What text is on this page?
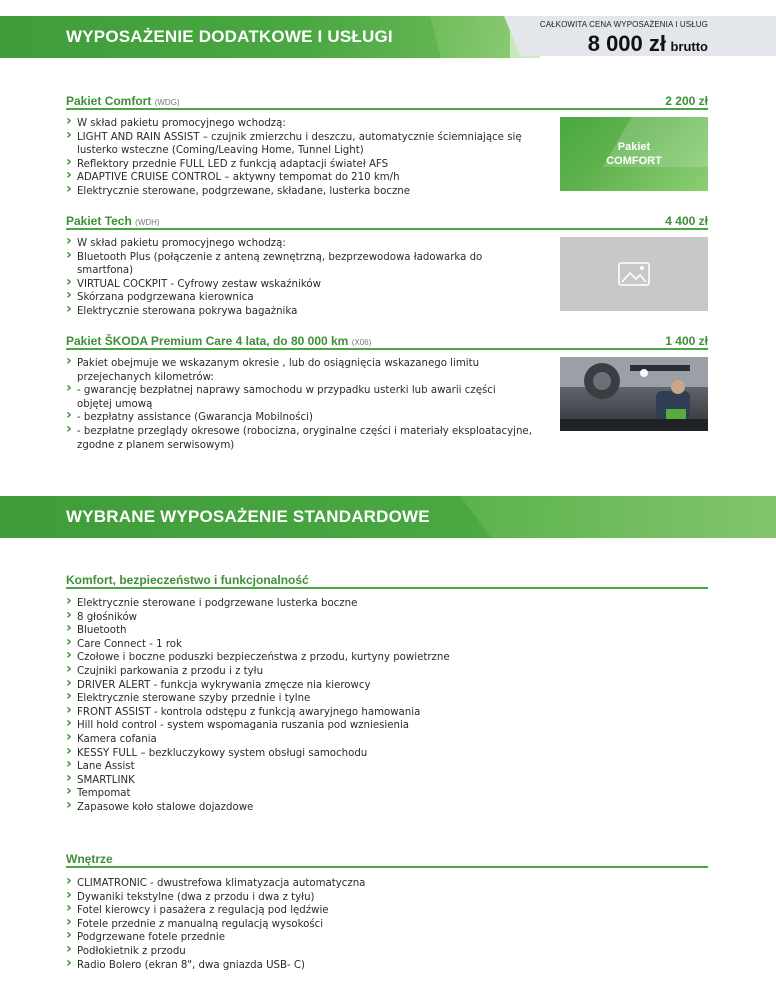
WYPOSAŻENIE DODATKOWE I USŁUGI
CAŁKOWITA CENA WYPOSAŻENIA I USŁUG
8 000 zł brutto
Pakiet Comfort (WDG)	2 200 zł
› W skład pakietu promocyjnego wchodzą:
› LIGHT AND RAIN ASSIST – czujnik zmierzchu i deszczu, automatycznie ściemniające się
lusterko wsteczne (Coming/Leaving Home, Tunnel Light)
› Reflektory przednie FULL LED z funkcją adaptacji świateł AFS
› ADAPTIVE CRUISE CONTROL – aktywny tempomat do 210 km/h
› Elektrycznie sterowane, podgrzewane, składane, lusterka boczne
Pakiet
COMFORT
Pakiet Tech (WDH)	4 400 zł
› W skład pakietu promocyjnego wchodzą:
› Bluetooth Plus (połączenie z anteną zewnętrzną, bezprzewodowa ładowarka do
smartfona)
› VIRTUAL COCKPIT - Cyfrowy zestaw wskaźników
› Skórzana podgrzewana kierownica
› Elektrycznie sterowana pokrywa bagażnika
Pakiet ŠKODA Premium Care 4 lata, do 80 000 km (X06)	1 400 zł
› Pakiet obejmuje we wskazanym okresie , lub do osiągnięcia wskazanego limitu
przejechanych kilometrów:
› - gwarancję bezpłatnej naprawy samochodu w przypadku usterki lub awarii części
objętej umową
› - bezpłatny assistance (Gwarancja Mobilności)
› - bezpłatne przeglądy okresowe (robocizna, oryginalne części i materiały eksploatacyjne,
zgodne z planem serwisowym)
WYBRANE WYPOSAŻENIE STANDARDOWE
Komfort, bezpieczeństwo i funkcjonalność
› Elektrycznie sterowane i podgrzewane lusterka boczne
› 8 głośników
› Bluetooth
› Care Connect - 1 rok
› Czołowe i boczne poduszki bezpieczeństwa z przodu, kurtyny powietrzne
› Czujniki parkowania z przodu i z tyłu
› DRIVER ALERT - funkcja wykrywania zmęcze nia kierowcy
› Elektrycznie sterowane szyby przednie i tylne
› FRONT ASSIST - kontrola odstępu z funkcją awaryjnego hamowania
› Hill hold control - system wspomagania ruszania pod wzniesienia
› Kamera cofania
› KESSY FULL – bezkluczykowy system obsługi samochodu
› Lane Assist
› SMARTLINK
› Tempomat
› Zapasowe koło stalowe dojazdowe
Wnętrze
› CLIMATRONIC - dwustrefowa klimatyzacja automatyczna
› Dywaniki tekstylne (dwa z przodu i dwa z tyłu)
› Fotel kierowcy i pasażera z regulacją pod lędźwie
› Fotele przednie z manualną regulacją wysokości
› Podgrzewane fotele przednie
› Podłokietnik z przodu
› Radio Bolero (ekran 8", dwa gniazda USB- C)
